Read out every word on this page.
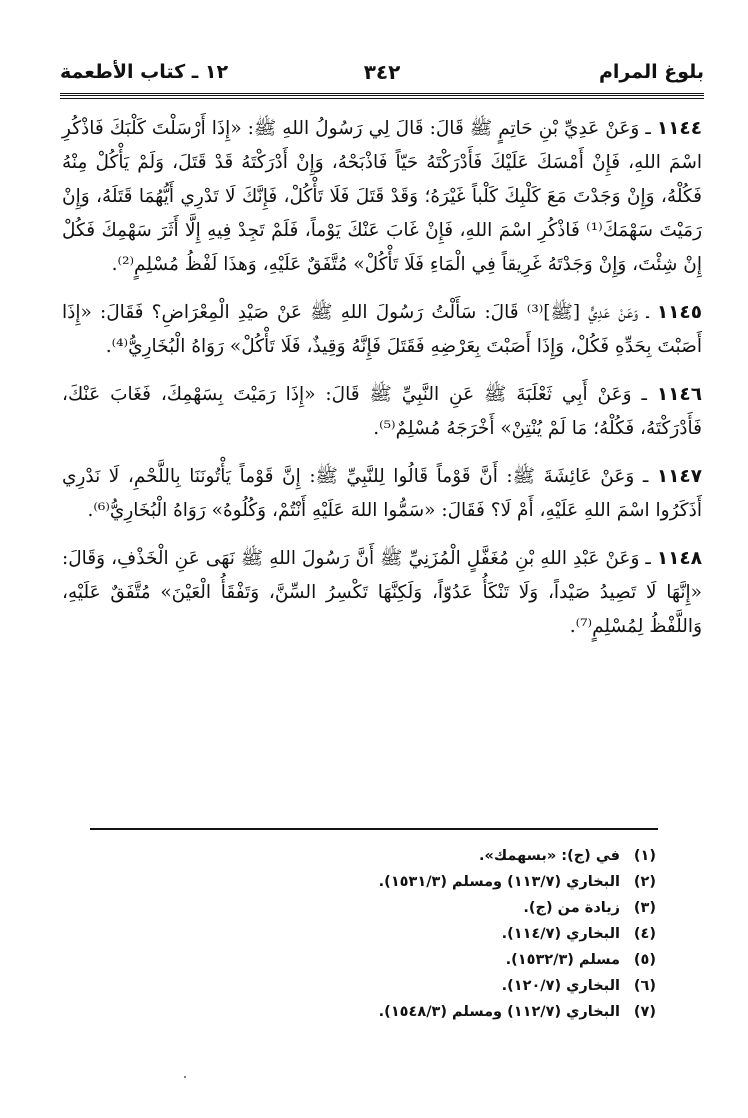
بلوغ المرام
٣٤٢
١٢ ـ كتاب الأطعمة

١١٤٤ ـ وَعَنْ عَدِيِّ بْنِ حَاتِمٍ ﷺ قَالَ: قَالَ لِي رَسُولُ اللهِ ﷺ: «إِذَا أَرْسَلْتَ كَلْبَكَ فَاذْكُرِ اسْمَ اللهِ، فَإِنْ أَمْسَكَ عَلَيْكَ فَأَدْرَكْتَهُ حَيّاً فَاذْبَحْهُ، وَإِنْ أَدْرَكْتَهُ قَدْ قَتَلَ، وَلَمْ يَأْكُلْ مِنْهُ فَكُلْهُ، وَإِنْ وَجَدْتَ مَعَ كَلْبِكَ كَلْباً غَيْرَهُ؛ وَقَدْ قَتَلَ فَلَا تَأْكُلْ، فَإِنَّكَ لَا تَدْرِي أَيُّهُمَا قَتَلَهُ، وَإِنْ رَمَيْتَ سَهْمَكَ⁽¹⁾ فَاذْكُرِ اسْمَ اللهِ، فَإِنْ غَابَ عَنْكَ يَوْماً، فَلَمْ تَجِدْ فِيهِ إِلَّا أَثَرَ سَهْمِكَ فَكُلْ إِنْ شِئْتَ، وَإِنْ وَجَدْتَهُ غَرِيقاً فِي الْمَاءِ فَلَا تَأْكُلْ» مُتَّفَقٌ عَلَيْهِ، وَهذَا لَفْظُ مُسْلِمٍ⁽²⁾.

١١٤٥ ـ وَعَنْ عَدِيٍّ [ﷺ]⁽³⁾ قَالَ: سَأَلْتُ رَسُولَ اللهِ ﷺ عَنْ صَيْدِ الْمِعْرَاضِ؟ فَقَالَ: «إِذَا أَصَبْتَ بِحَدِّهِ فَكُلْ، وَإِذَا أَصَبْتَ بِعَرْضِهِ فَقَتَلَ فَإِنَّهُ وَقِيذٌ، فَلَا تَأْكُلْ» رَوَاهُ الْبُخَارِيُّ⁽⁴⁾.

١١٤٦ ـ وَعَنْ أَبِي ثَعْلَبَةَ ﷺ عَنِ النَّبِيِّ ﷺ قَالَ: «إِذَا رَمَيْتَ بِسَهْمِكَ، فَغَابَ عَنْكَ، فَأَدْرَكْتَهُ، فَكُلْهُ؛ مَا لَمْ يُنْتِنْ» أَخْرَجَهُ مُسْلِمٌ⁽⁵⁾.

١١٤٧ ـ وَعَنْ عَائِشَةَ ﷺ: أَنَّ قَوْماً قَالُوا لِلنَّبِيِّ ﷺ: إِنَّ قَوْماً يَأْتُونَنَا بِاللَّحْمِ، لَا نَدْرِي أَذَكَرُوا اسْمَ اللهِ عَلَيْهِ، أَمْ لَا؟ فَقَالَ: «سَمُّوا اللهَ عَلَيْهِ أَنْتُمْ، وَكُلُوهُ» رَوَاهُ الْبُخَارِيُّ⁽⁶⁾.

١١٤٨ ـ وَعَنْ عَبْدِ اللهِ بْنِ مُغَفَّلٍ الْمُزَنِيِّ ﷺ أَنَّ رَسُولَ اللهِ ﷺ نَهَى عَنِ الْخَذْفِ، وَقَالَ: «إِنَّهَا لَا تَصِيدُ صَيْداً، وَلَا تَنْكَأُ عَدُوّاً، وَلَكِنَّهَا تَكْسِرُ السِّنَّ، وَتَفْقَأُ الْعَيْنَ» مُتَّفَقٌ عَلَيْهِ، وَاللَّفْظُ لِمُسْلِمٍ⁽⁷⁾.

(١)
في (ج): «بسهمك».
(٢)
البخاري (١١٣/٧) ومسلم (١٥٣١/٣).
(٣)
زيادة من (ج).
(٤)
البخاري (١١٤/٧).
(٥)
مسلم (١٥٣٢/٣).
(٦)
البخاري (١٢٠/٧).
(٧)
البخاري (١١٢/٧) ومسلم (١٥٤٨/٣).
